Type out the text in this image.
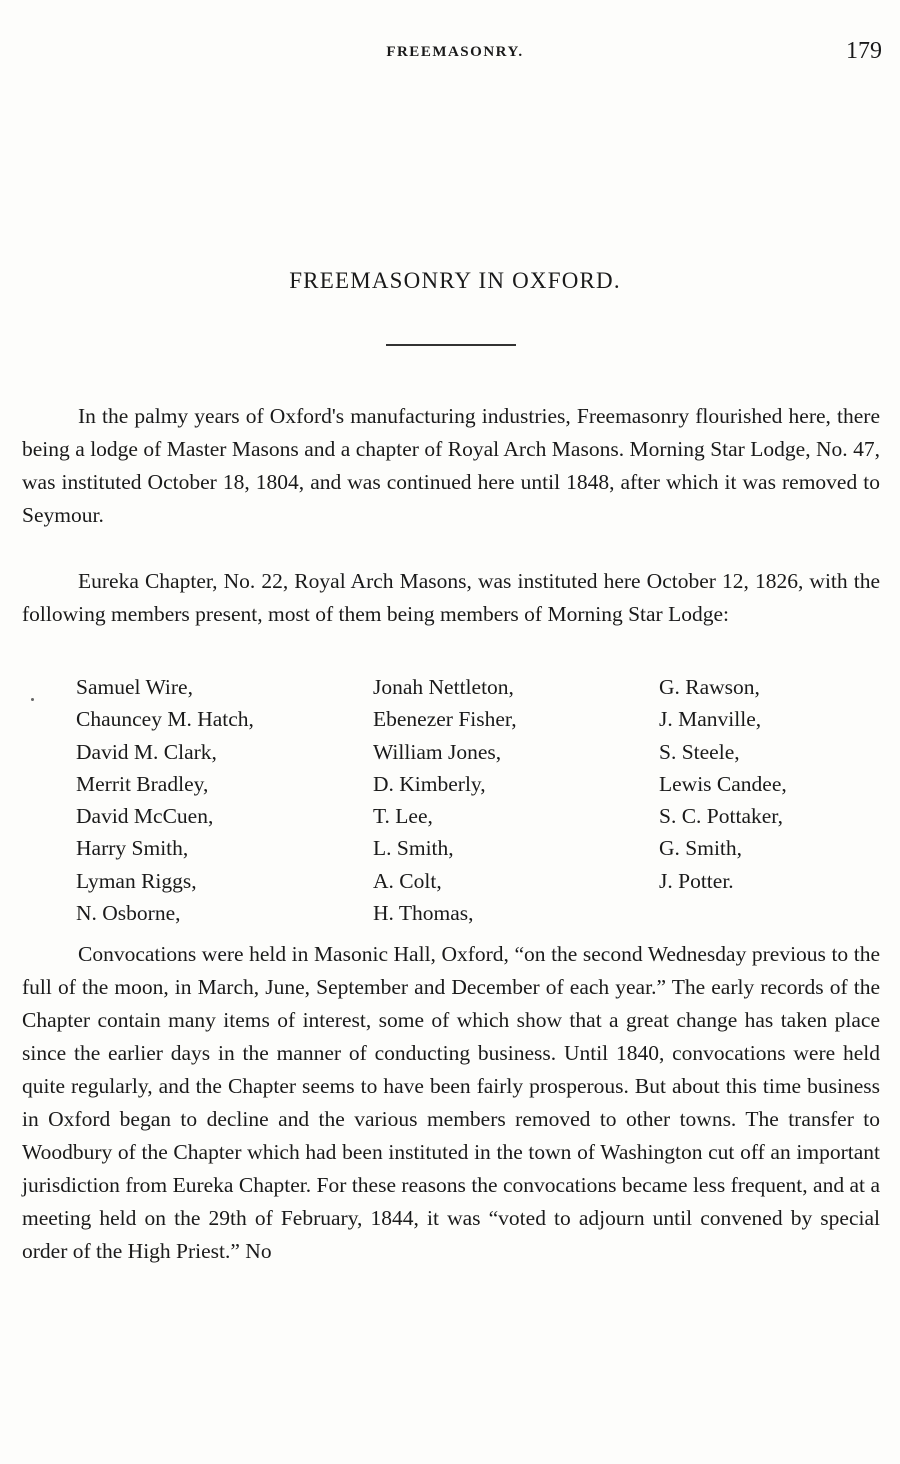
FREEMASONRY.	179
FREEMASONRY IN OXFORD.

In the palmy years of Oxford's manufacturing industries, Freemasonry flourished here, there being a lodge of Master Masons and a chapter of Royal Arch Masons. Morning Star Lodge, No. 47, was instituted October 18, 1804, and was continued here until 1848, after which it was removed to Seymour.

Eureka Chapter, No. 22, Royal Arch Masons, was instituted here October 12, 1826, with the following members present, most of them being members of Morning Star Lodge:

Samuel Wire,	Jonah Nettleton,	G. Rawson,
Chauncey M. Hatch,	Ebenezer Fisher,	J. Manville,
David M. Clark,	William Jones,	S. Steele,
Merrit Bradley,	D. Kimberly,	Lewis Candee,
David McCuen,	T. Lee,	S. C. Pottaker,
Harry Smith,	L. Smith,	G. Smith,
Lyman Riggs,	A. Colt,	J. Potter.
N. Osborne,	H. Thomas,

Convocations were held in Masonic Hall, Oxford, “on the second Wednesday previous to the full of the moon, in March, June, September and December of each year.” The early records of the Chapter contain many items of interest, some of which show that a great change has taken place since the earlier days in the manner of conducting business. Until 1840, convocations were held quite regularly, and the Chapter seems to have been fairly prosperous. But about this time business in Oxford began to decline and the various members removed to other towns. The transfer to Woodbury of the Chapter which had been instituted in the town of Washington cut off an important jurisdiction from Eureka Chapter. For these reasons the convocations became less frequent, and at a meeting held on the 29th of February, 1844, it was “voted to adjourn until convened by special order of the High Priest.” No
